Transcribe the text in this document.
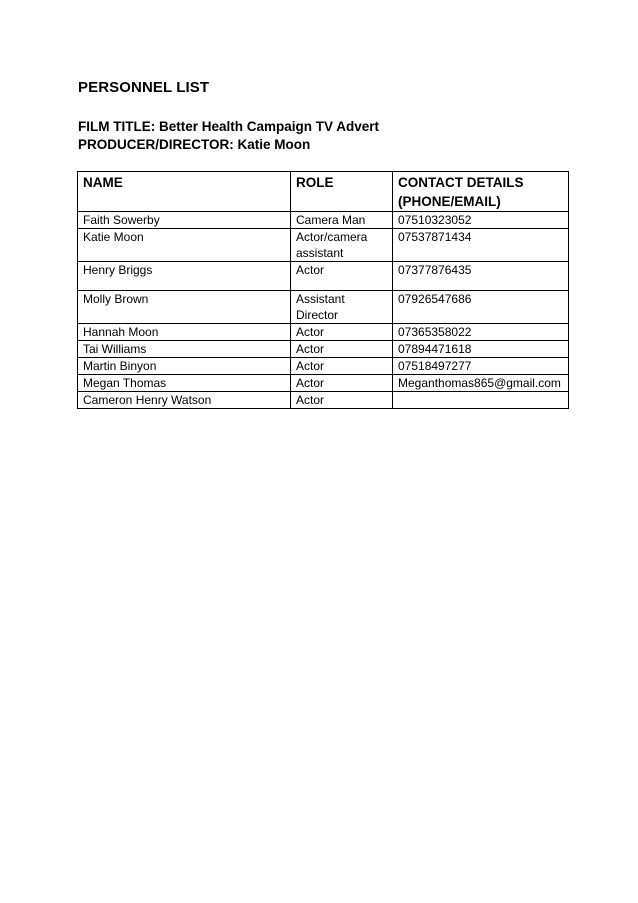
PERSONNEL LIST
FILM TITLE: Better Health Campaign TV Advert
PRODUCER/DIRECTOR: Katie Moon
NAME	ROLE	CONTACT DETAILS
(PHONE/EMAIL)

Faith Sowerby	Camera Man	07510323052
Katie Moon	Actor/camera assistant	07537871434
Henry Briggs	Actor	07377876435
Molly Brown	Assistant Director	07926547686
Hannah Moon	Actor	07365358022
Tai Williams	Actor	07894471618
Martin Binyon	Actor	07518497277
Megan Thomas	Actor	Meganthomas865@gmail.com
Cameron Henry Watson	Actor	
